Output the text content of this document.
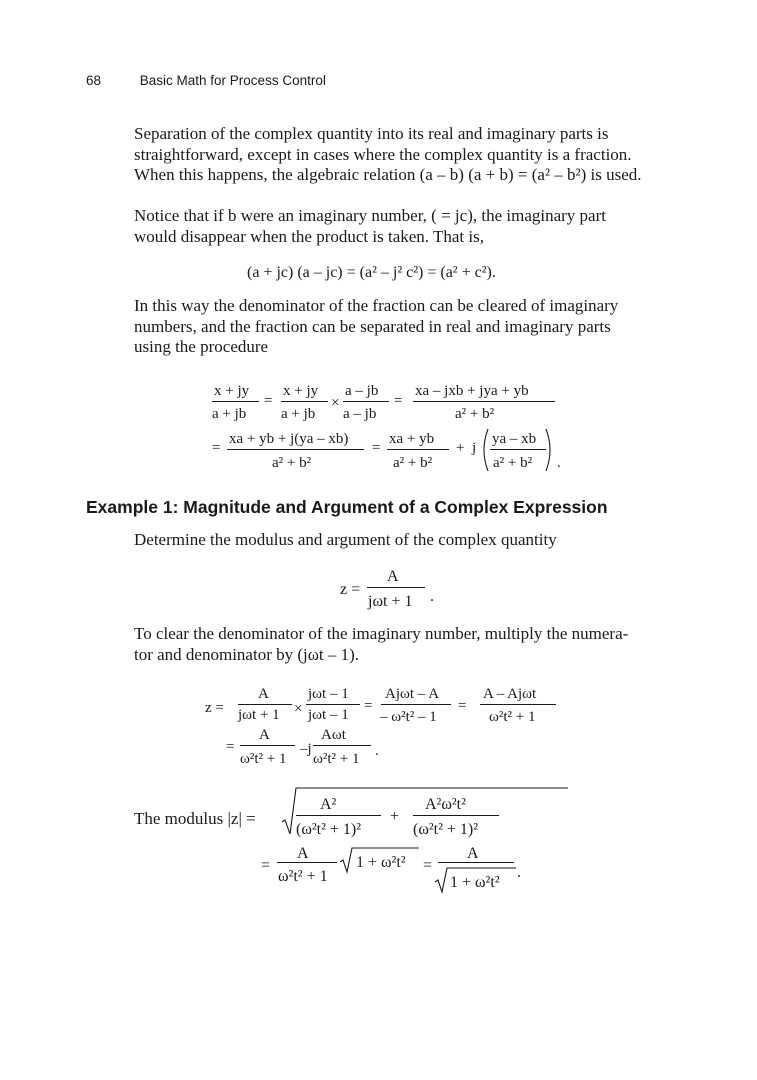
68	Basic Math for Process Control
Separation of the complex quantity into its real and imaginary parts is
straightforward, except in cases where the complex quantity is a fraction.
When this happens, the algebraic relation (a – b) (a + b) = (a² – b²) is used.
Notice that if b were an imaginary number, ( = jc), the imaginary part
would disappear when the product is taken. That is,
(a + jc) (a – jc) = (a² – j² c²) = (a² + c²).
In this way the denominator of the fraction can be cleared of imaginary
numbers, and the fraction can be separated in real and imaginary parts
using the procedure
x + jy
a + jb
=
x + jy
a + jb
×
a – jb
a – jb
=
xa – jxb + jya + yb
a² + b²
=
xa + yb + j(ya – xb)
a² + b²
=
xa + yb
a² + b²
+ j
ya – xb
a² + b² .
Example 1: Magnitude and Argument of a Complex Expression
Determine the modulus and argument of the complex quantity
z =
A
jωt + 1 .
To clear the denominator of the imaginary number, multiply the numera-
tor and denominator by (jωt – 1).
z =
A
jωt + 1 ×
jωt – 1
jωt – 1
=
Ajωt – A
– ω²t² – 1
=
A – Ajωt
ω²t² + 1
=
A
ω²t² + 1
–j
Aωt
ω²t² + 1 .
The modulus |z| =
A²
(ω²t² + 1)²
+
A²ω²t²
(ω²t² + 1)²
=
A
ω²t² + 1
1 + ω²t² =
A
1 + ω²t²
.
